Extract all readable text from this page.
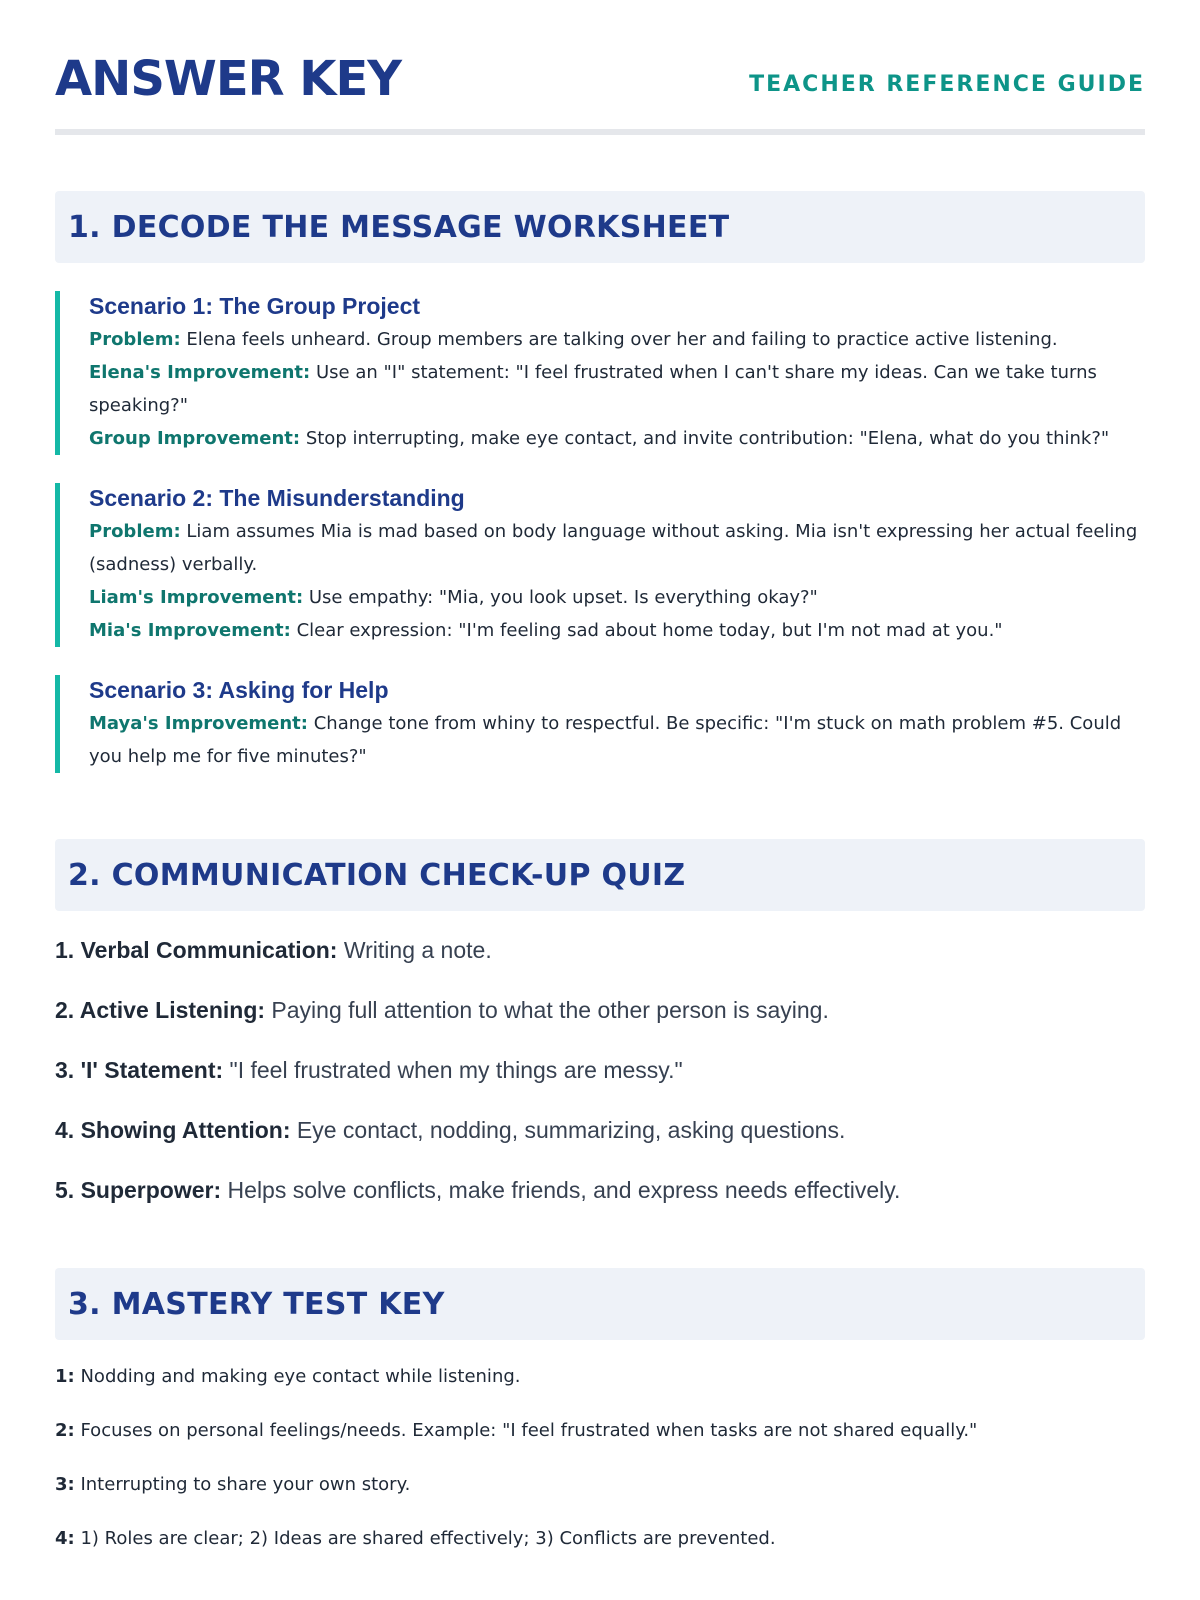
ANSWER KEY	TEACHER REFERENCE GUIDE
1. DECODE THE MESSAGE WORKSHEET
Scenario 1: The Group Project

Problem: Elena feels unheard. Group members are talking over her and failing to practice active listening.

Elena's Improvement: Use an "I" statement: "I feel frustrated when I can't share my ideas. Can we take turns speaking?"

Group Improvement: Stop interrupting, make eye contact, and invite contribution: "Elena, what do you think?"

Scenario 2: The Misunderstanding

Problem: Liam assumes Mia is mad based on body language without asking. Mia isn't expressing her actual feeling (sadness) verbally.

Liam's Improvement: Use empathy: "Mia, you look upset. Is everything okay?"

Mia's Improvement: Clear expression: "I'm feeling sad about home today, but I'm not mad at you."

Scenario 3: Asking for Help

Maya's Improvement: Change tone from whiny to respectful. Be specific: "I'm stuck on math problem #5. Could you help me for five minutes?"

2. COMMUNICATION CHECK-UP QUIZ

1. Verbal Communication: Writing a note.

2. Active Listening: Paying full attention to what the other person is saying.

3. 'I' Statement: "I feel frustrated when my things are messy."

4. Showing Attention: Eye contact, nodding, summarizing, asking questions.

5. Superpower: Helps solve conflicts, make friends, and express needs effectively.

3. MASTERY TEST KEY

1: Nodding and making eye contact while listening.

2: Focuses on personal feelings/needs. Example: "I feel frustrated when tasks are not shared equally."

3: Interrupting to share your own story.

4: 1) Roles are clear; 2) Ideas are shared effectively; 3) Conflicts are prevented.
